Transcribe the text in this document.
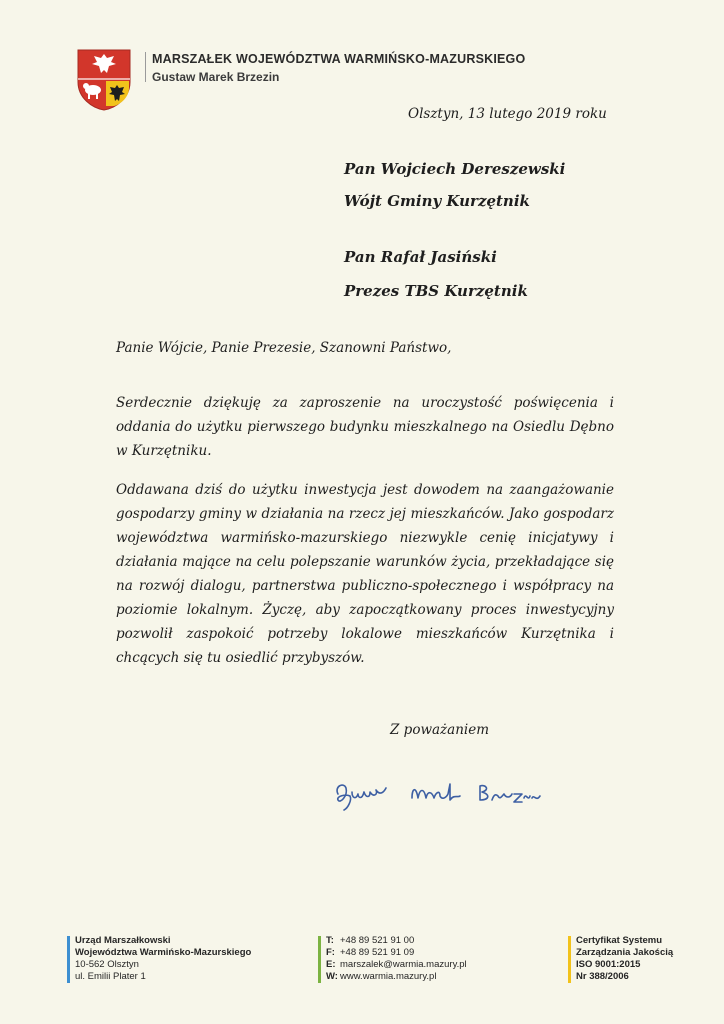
MARSZAŁEK WOJEWÓDZTWA WARMIŃSKO-MAZURSKIEGO
Gustaw Marek Brzezin
Olsztyn, 13 lutego 2019 roku
Pan Wojciech Dereszewski
Wójt Gminy Kurzętnik
Pan Rafał Jasiński
Prezes TBS Kurzętnik
Panie Wójcie, Panie Prezesie, Szanowni Państwo,
Serdecznie dziękuję za zaproszenie na uroczystość poświęcenia i oddania do użytku pierwszego budynku mieszkalnego na Osiedlu Dębno w Kurzętniku.
Oddawana dziś do użytku inwestycja jest dowodem na zaangażowanie gospodarzy gminy w działania na rzecz jej mieszkańców. Jako gospodarz województwa warmińsko-mazurskiego niezwykle cenię inicjatywy i działania mające na celu polepszanie warunków życia, przekładające się na rozwój dialogu, partnerstwa publiczno-społecznego i współpracy na poziomie lokalnym. Życzę, aby zapoczątkowany proces inwestycyjny pozwolił zaspokoić potrzeby lokalowe mieszkańców Kurzętnika i chcących się tu osiedlić przybyszów.
Z poważaniem
Urząd Marszałkowski
Województwa Warmińsko-Mazurskiego
10-562 Olsztyn
ul. Emilii Plater 1
T: +48 89 521 91 00
F: +48 89 521 91 09
E: marszalek@warmia.mazury.pl
W: www.warmia.mazury.pl
Certyfikat Systemu
Zarządzania Jakością
ISO 9001:2015
Nr 388/2006
